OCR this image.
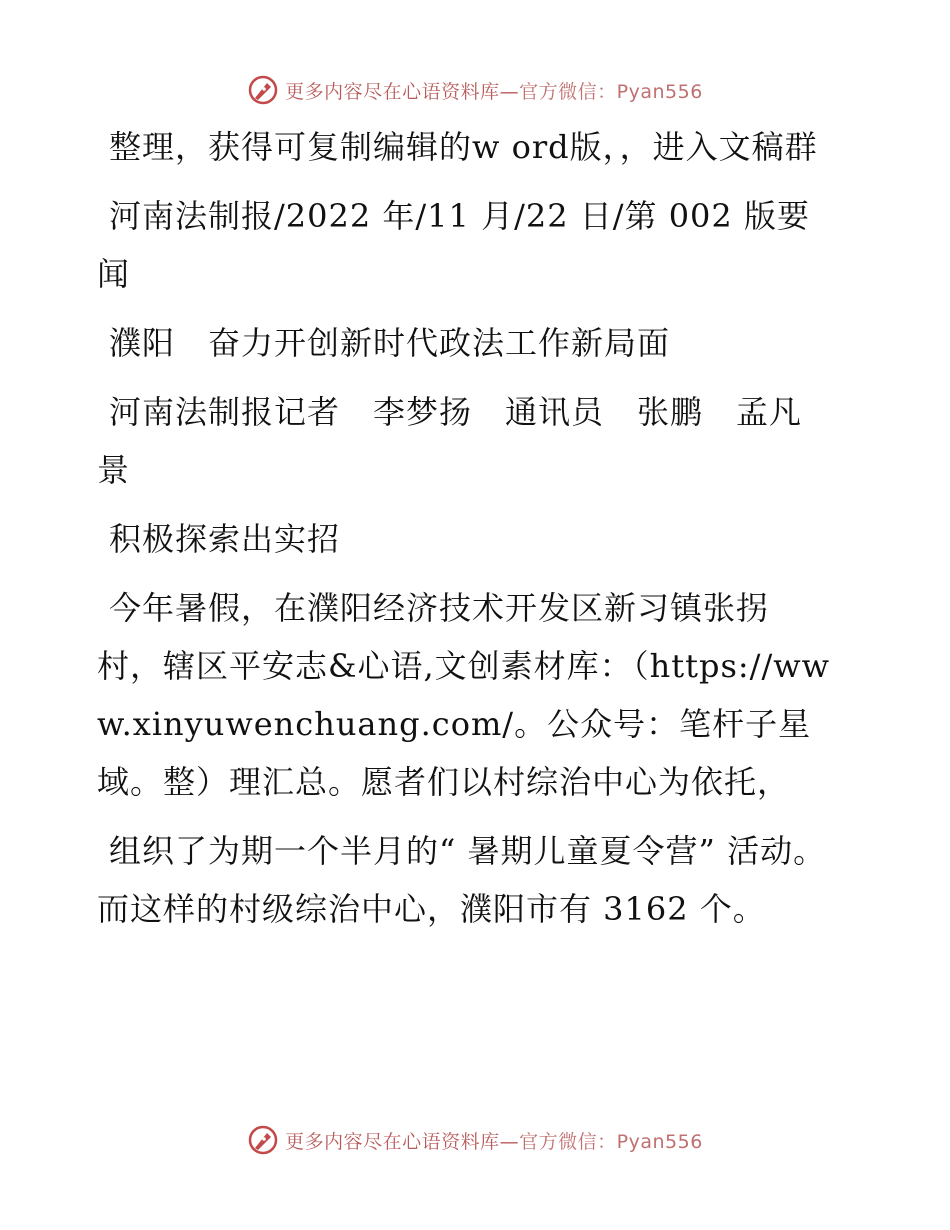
更多内容尽在心语资料库—官方微信：Pyan556

整理，获得可复制编辑的w ord版，，进入文稿群

河南法制报/2022 年/11 月/22 日/第 002 版要闻

濮阳　奋力开创新时代政法工作新局面

河南法制报记者　李梦扬　通讯员　张鹏　孟凡景

积极探索出实招

今年暑假，在濮阳经济技术开发区新习镇张拐村，辖区平安志&心语,文创素材库：（https://www.xinyuwenchuang.com/。公众号：笔杆子星域。整）理汇总。愿者们以村综治中心为依托，

组织了为期一个半月的“ 暑期儿童夏令营” 活动。而这样的村级综治中心，濮阳市有 3162 个。

更多内容尽在心语资料库—官方微信：Pyan556
